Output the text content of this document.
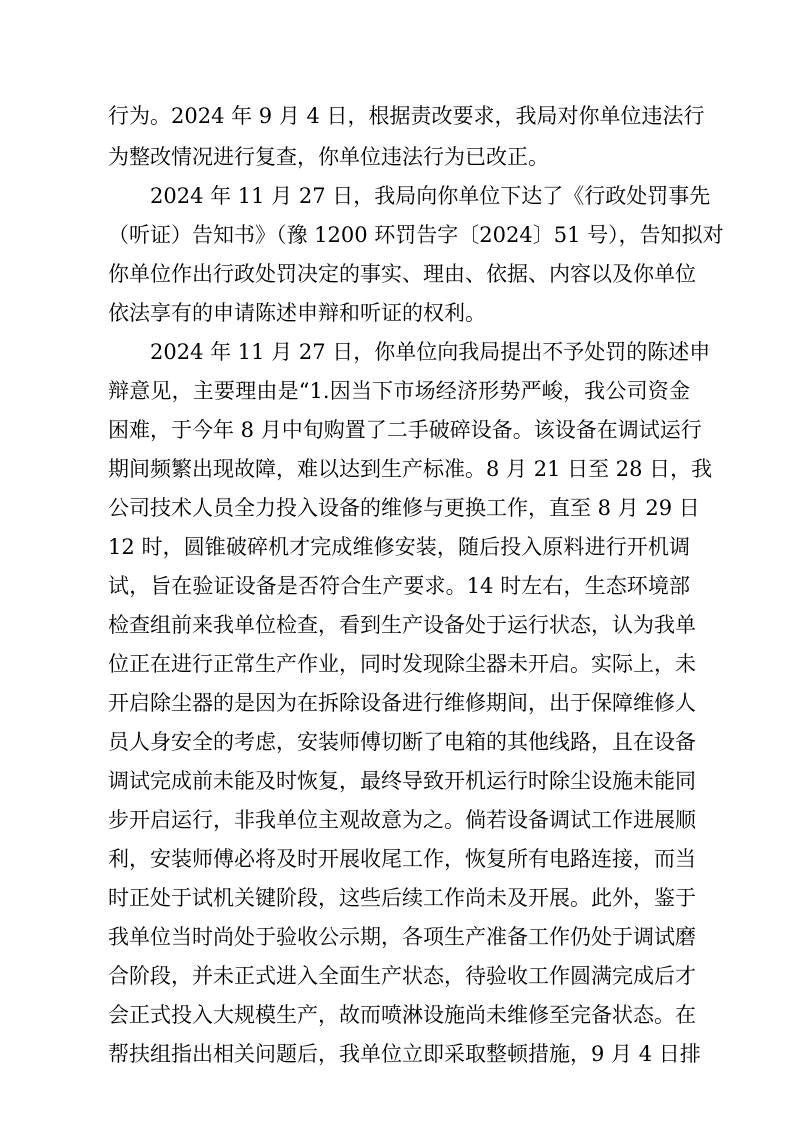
行为。2024 年 9 月 4 日，根据责改要求，我局对你单位违法行
为整改情况进行复查，你单位违法行为已改正。
2024 年 11 月 27 日，我局向你单位下达了《行政处罚事先
（听证）告知书》（豫 1200 环罚告字〔2024〕51 号），告知拟对
你单位作出行政处罚决定的事实、理由、依据、内容以及你单位
依法享有的申请陈述申辩和听证的权利。
2024 年 11 月 27 日，你单位向我局提出不予处罚的陈述申
辩意见，主要理由是“1.因当下市场经济形势严峻，我公司资金
困难，于今年 8 月中旬购置了二手破碎设备。该设备在调试运行
期间频繁出现故障，难以达到生产标准。8 月 21 日至 28 日，我
公司技术人员全力投入设备的维修与更换工作，直至 8 月 29 日
12 时，圆锥破碎机才完成维修安装，随后投入原料进行开机调
试，旨在验证设备是否符合生产要求。14 时左右，生态环境部
检查组前来我单位检查，看到生产设备处于运行状态，认为我单
位正在进行正常生产作业，同时发现除尘器未开启。实际上，未
开启除尘器的是因为在拆除设备进行维修期间，出于保障维修人
员人身安全的考虑，安装师傅切断了电箱的其他线路，且在设备
调试完成前未能及时恢复，最终导致开机运行时除尘设施未能同
步开启运行，非我单位主观故意为之。倘若设备调试工作进展顺
利，安装师傅必将及时开展收尾工作，恢复所有电路连接，而当
时正处于试机关键阶段，这些后续工作尚未及开展。此外，鉴于
我单位当时尚处于验收公示期，各项生产准备工作仍处于调试磨
合阶段，并未正式进入全面生产状态，待验收工作圆满完成后才
会正式投入大规模生产，故而喷淋设施尚未维修至完备状态。在
帮扶组指出相关问题后，我单位立即采取整顿措施，9 月 4 日排
